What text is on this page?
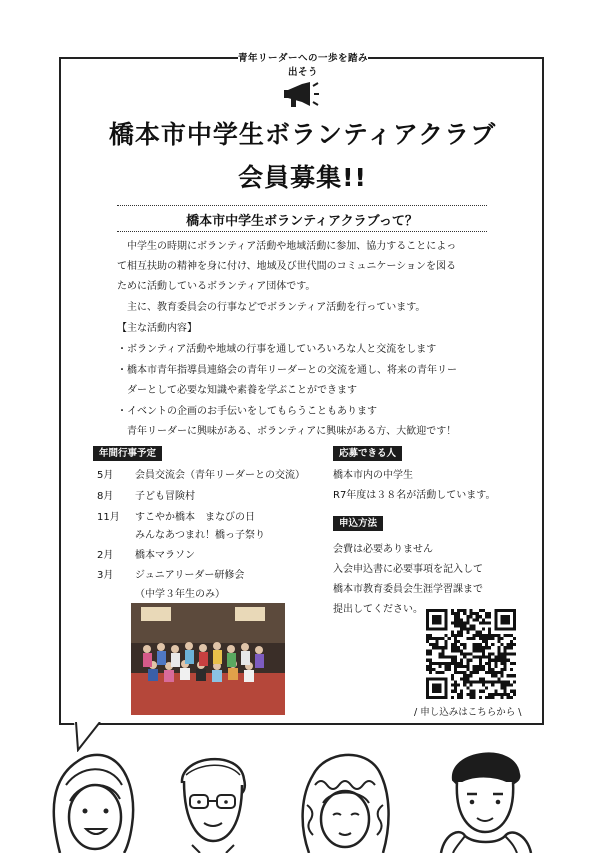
青年リーダーへの一歩を踏み出そう
橋本市中学生ボランティアクラブ
会員募集!!
橋本市中学生ボランティアクラブって？
　中学生の時期にボランティア活動や地域活動に参加、協力することによっ
て相互扶助の精神を身に付け、地域及び世代間のコミュニケーションを図る
ために活動しているボランティア団体です。
　主に、教育委員会の行事などでボランティア活動を行っています。
【主な活動内容】
・ボランティア活動や地域の行事を通していろいろな人と交流をします
・橋本市青年指導員連絡会の青年リーダーとの交流を通し、将来の青年リー
　ダーとして必要な知識や素養を学ぶことができます
・イベントの企画のお手伝いをしてもらうこともあります
　青年リーダーに興味がある、ボランティアに興味がある方、大歓迎です！
年間行事予定
5月 会員交流会（青年リーダーとの交流）
8月 子ども冒険村
11月 すこやか橋本　まなびの日
みんなあつまれ！橋っ子祭り
2月 橋本マラソン
3月 ジュニアリーダー研修会
（中学３年生のみ）
応募できる人
橋本市内の中学生
R7年度は３８名が活動しています。
申込方法
会費は必要ありません
入会申込書に必要事項を記入して
橋本市教育委員会生涯学習課まで
提出してください。
/ 申し込みはこちらから \
